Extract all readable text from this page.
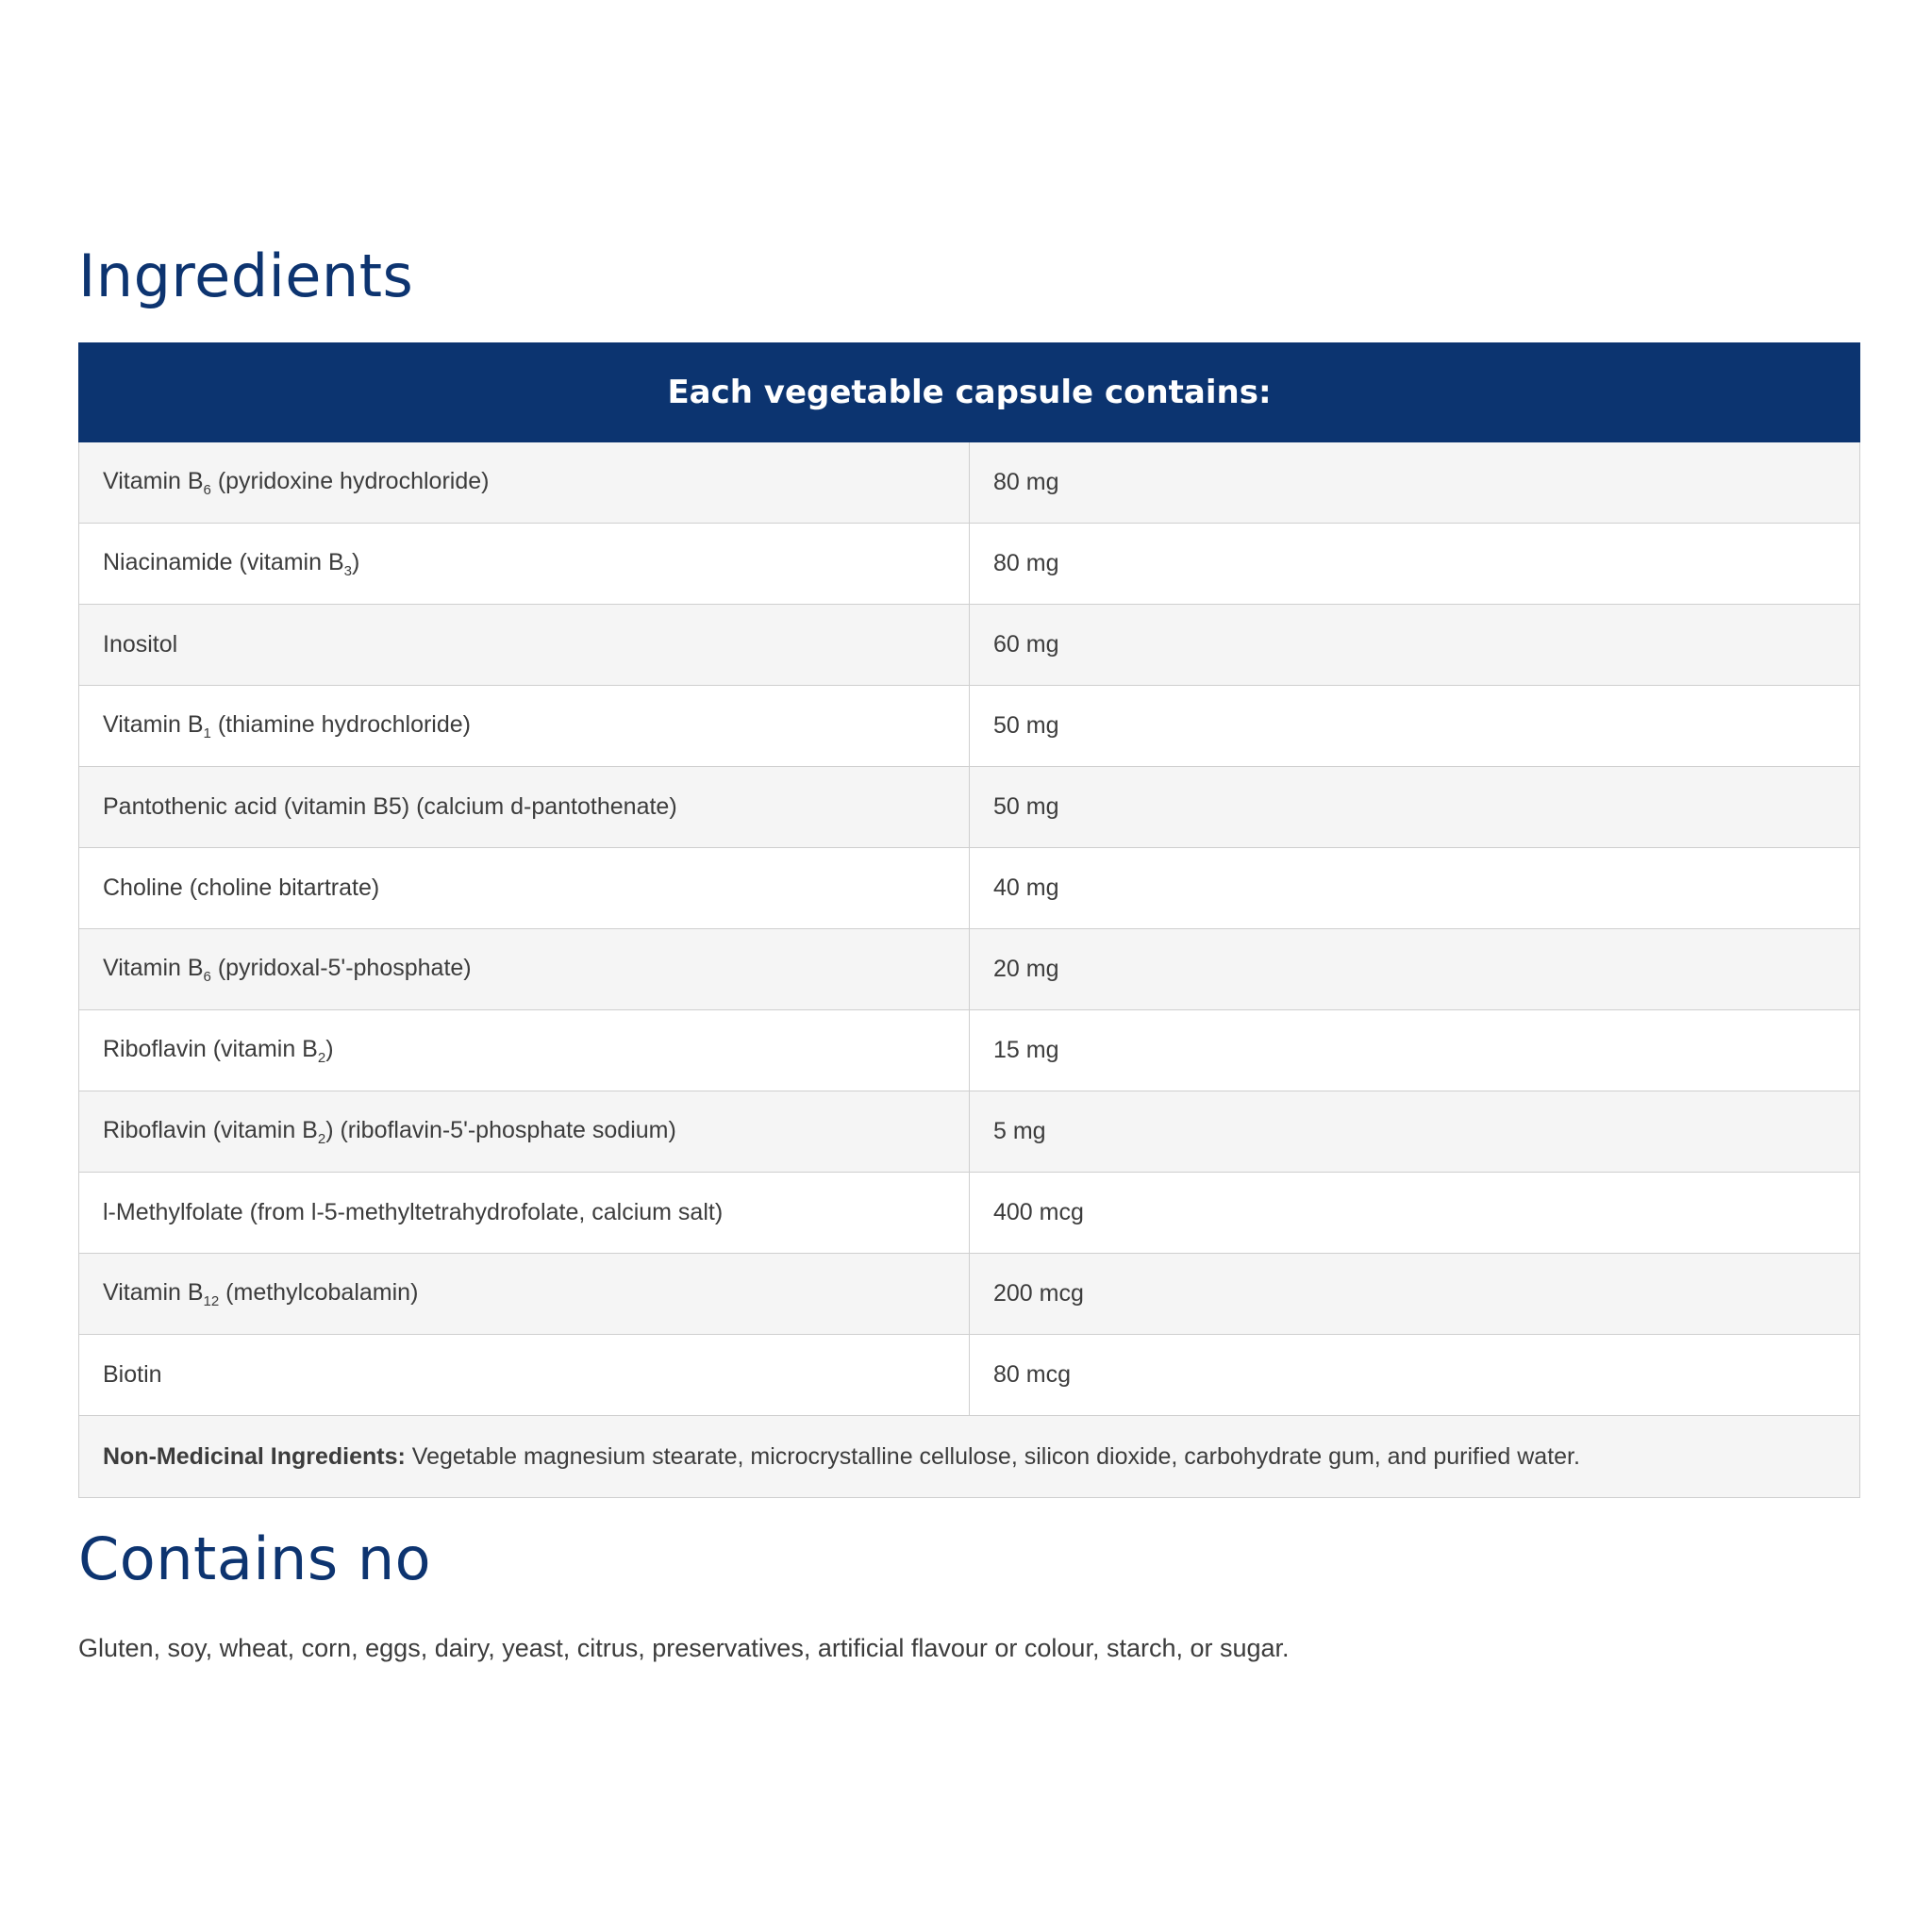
Ingredients
Each vegetable capsule contains:	
Vitamin $B_6$ (pyridoxine hydrochloride)	80 mg
Niacinamide (vitamin $B_3$)	80 mg
Inositol	60 mg
Vitamin $B_1$ (thiamine hydrochloride)	50 mg
Pantothenic acid (vitamin B5) (calcium d-pantothenate)	50 mg
Choline (choline bitartrate)	40 mg
Vitamin $B_6$ (pyridoxal-5'-phosphate)	20 mg
Riboflavin (vitamin $B_2$)	15 mg
Riboflavin (vitamin $B_2$) (riboflavin-5'-phosphate sodium)	5 mg
l-Methylfolate (from l-5-methyltetrahydrofolate, calcium salt)	400 mcg
Vitamin $B_{12}$ (methylcobalamin)	200 mcg
Biotin	80 mcg
Non-Medicinal Ingredients: Vegetable magnesium stearate, microcrystalline cellulose, silicon dioxide, carbohydrate gum, and purified water.	
Contains no

Gluten, soy, wheat, corn, eggs, dairy, yeast, citrus, preservatives, artificial flavour or colour, starch, or sugar.
